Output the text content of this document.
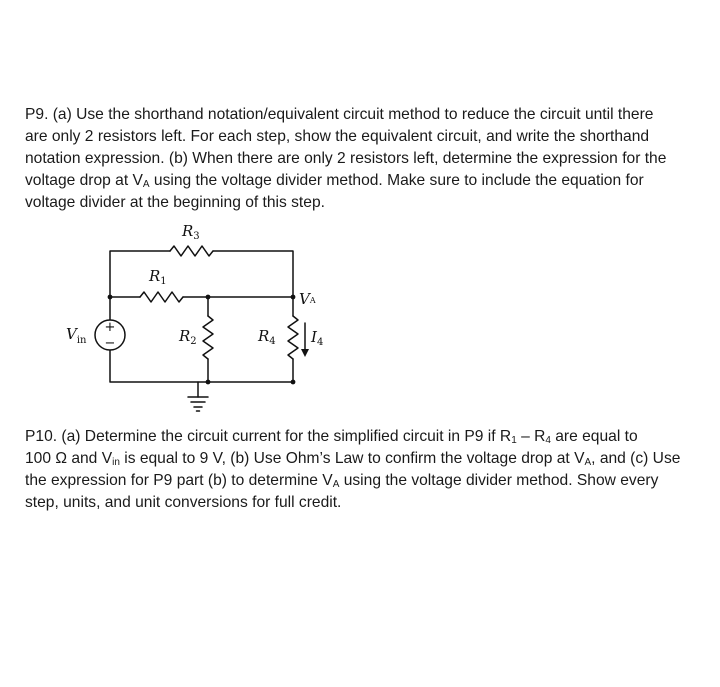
P9. (a) Use the shorthand notation/equivalent circuit method to reduce the circuit until there
are only 2 resistors left. For each step, show the equivalent circuit, and write the shorthand
notation expression. (b) When there are only 2 resistors left, determine the expression for the
voltage drop at $V_A$ using the voltage divider method. Make sure to include the equation for
voltage divider at the beginning of this step.
+
−
$R_3$
$R_1$
$R_2$	$R_4$
VA
$V_{in}$	$I_4$
P10. (a) Determine the circuit current for the simplified circuit in P9 if $R_1 - R_4$ are equal to
100 Ω and $V_{in}$ is equal to 9 V, (b) Use Ohm’s Law to confirm the voltage drop at $V_A$, and (c) Use
the expression for P9 part (b) to determine $V_A$ using the voltage divider method. Show every
step, units, and unit conversions for full credit.
